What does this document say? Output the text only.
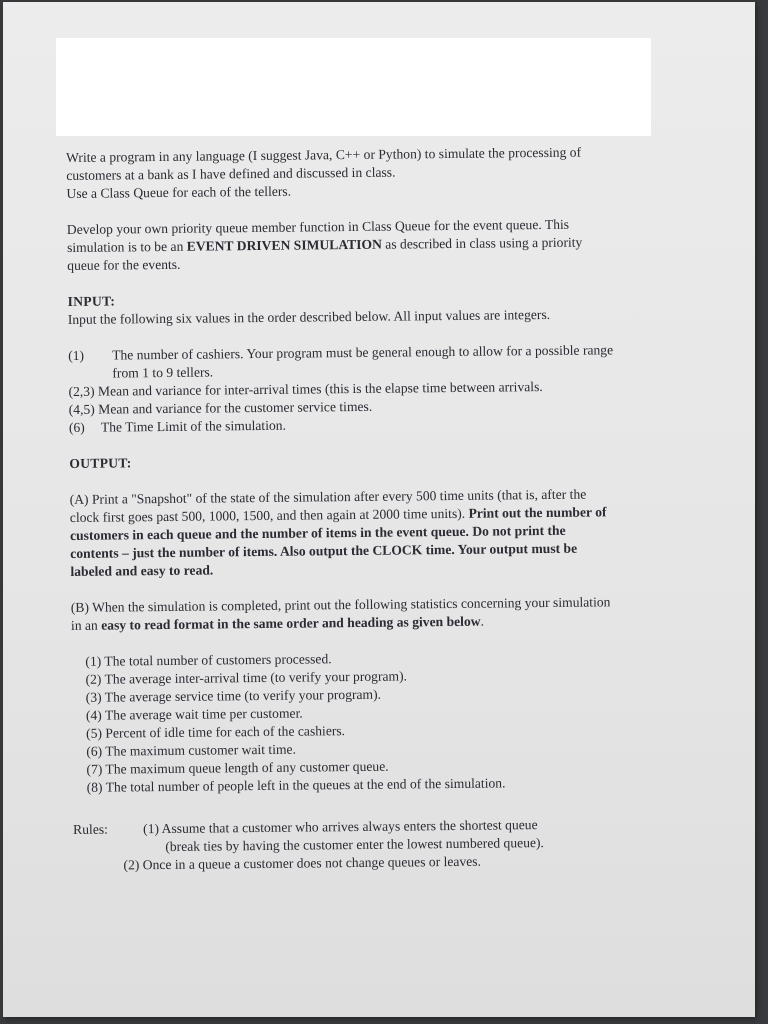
Write a program in any language (I suggest Java, C++ or Python) to simulate the processing of

customers at a bank as I have defined and discussed in class.

Use a Class Queue for each of the tellers.

Develop your own priority queue member function in Class Queue for the event queue. This

simulation is to be an EVENT DRIVEN SIMULATION as described in class using a priority

queue for the events.

INPUT:

Input the following six values in the order described below. All input values are integers.

(1)	The number of cashiers. Your program must be general enough to allow for a possible range

from 1 to 9 tellers.

(2,3)
Mean and variance for inter-arrival times (this is the elapse time between arrivals.
(4,5)
Mean and variance for the customer service times.
(6)	The Time Limit of the simulation.

OUTPUT:

(A) Print a "Snapshot" of the state of the simulation after every 500 time units (that is, after the

clock first goes past 500, 1000, 1500, and then again at 2000 time units). Print out the number of

customers in each queue and the number of items in the event queue. Do not print the

contents – just the number of items. Also output the CLOCK time. Your output must be

labeled and easy to read.

(B) When the simulation is completed, print out the following statistics concerning your simulation

in an easy to read format in the same order and heading as given below.

(1) The total number of customers processed.

(2) The average inter-arrival time (to verify your program).

(3) The average service time (to verify your program).

(4) The average wait time per customer.

(5) Percent of idle time for each of the cashiers.

(6) The maximum customer wait time.

(7) The maximum queue length of any customer queue.

(8) The total number of people left in the queues at the end of the simulation.

Rules:	(1) Assume that a customer who arrives always enters the shortest queue

(break ties by having the customer enter the lowest numbered queue).

(2) Once in a queue a customer does not change queues or leaves.
